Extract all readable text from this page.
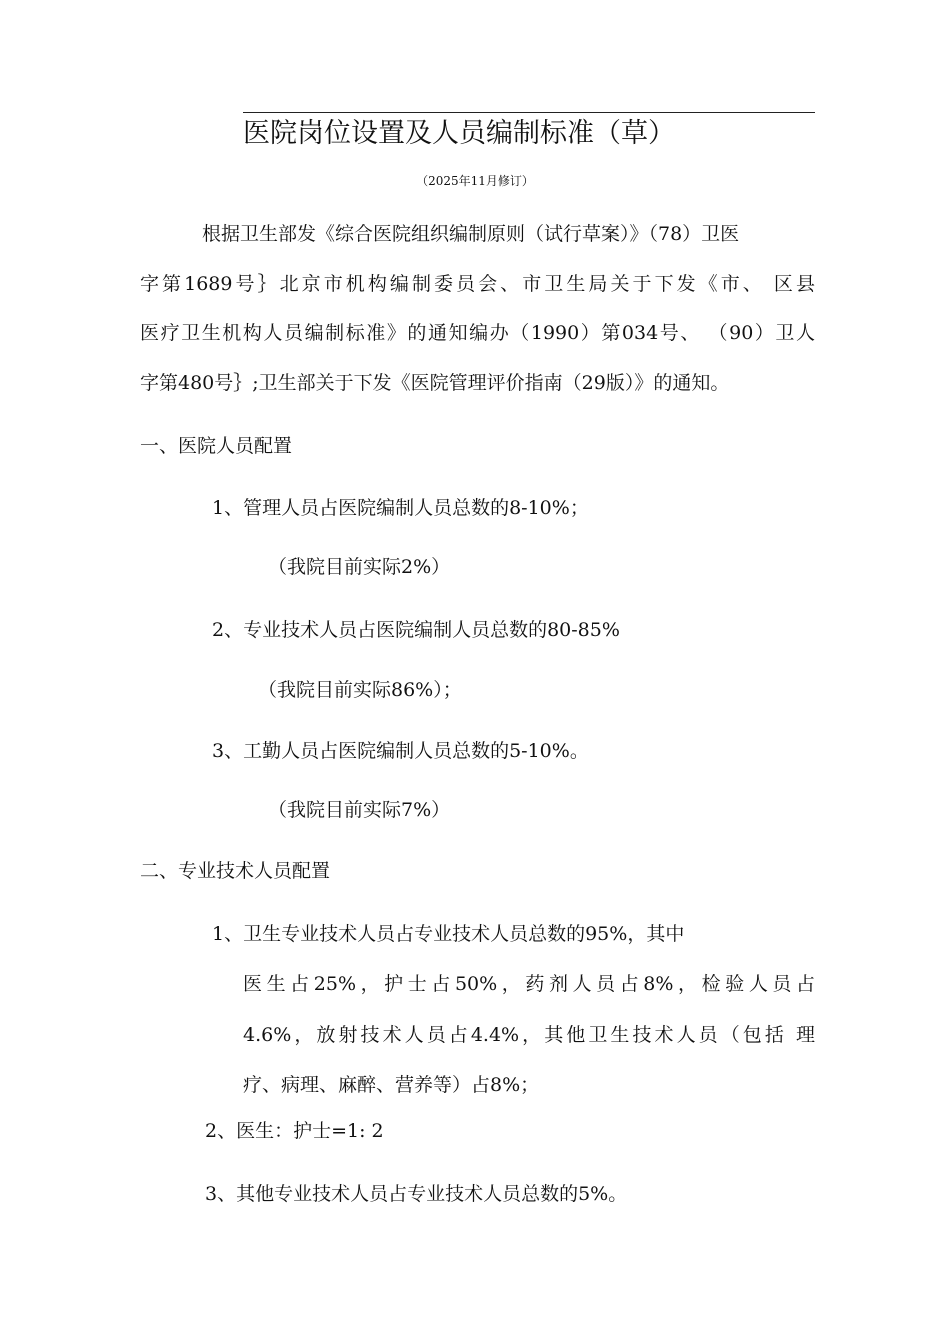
医院岗位设置及人员编制标准（草）
（2025年11月修订）
根据卫生部发《综合医院组织编制原则（试行草案）》（78）卫医
字第1689号｝北京市机构编制委员会、市卫生局关于下发《市、 区县
医疗卫生机构人员编制标准》的通知编办（1990）第034号、 （90）卫人
字第480号｝;卫生部关于下发《医院管理评价指南（29版）》的通知。
一、医院人员配置
1、管理人员占医院编制人员总数的8-10%；
（我院目前实际2%）
2、专业技术人员占医院编制人员总数的80-85%
（我院目前实际86%）；
3、工勤人员占医院编制人员总数的5-10%。
（我院目前实际7%）
二、专业技术人员配置
1、卫生专业技术人员占专业技术人员总数的95%，其中
医生占25%，护士占50%，药剂人员占8%，检验人员占
4.6%，放射技术人员占4.4%，其他卫生技术人员（包括 理
疗、病理、麻醉、营养等）占8%；
2、医生：护士=1: 2
3、其他专业技术人员占专业技术人员总数的5%。
